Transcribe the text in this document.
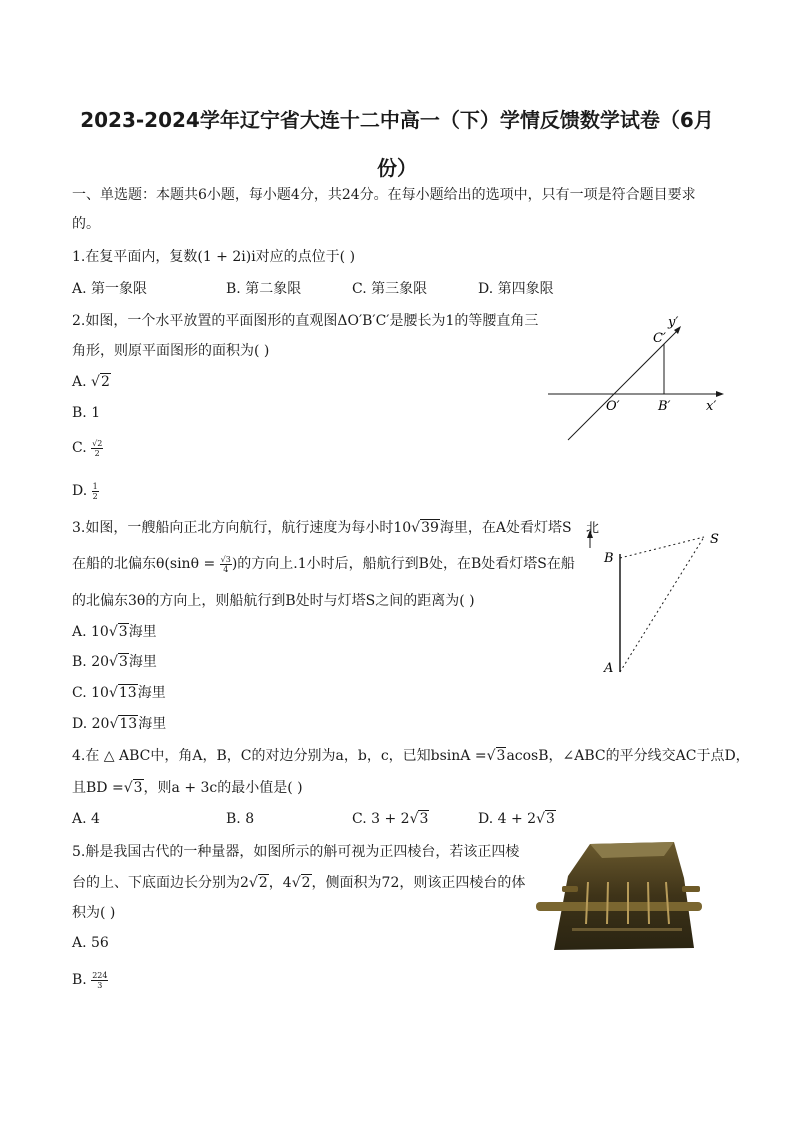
2023-2024学年辽宁省大连十二中高一（下）学情反馈数学试卷（6月
份）
一、单选题：本题共6小题，每小题4分，共24分。在每小题给出的选项中，只有一项是符合题目要求
的。
1.在复平面内，复数(1 + 2i)i对应的点位于( )
A. 第一象限	B. 第二象限	C. 第三象限	D. 第四象限
2.如图，一个水平放置的平面图形的直观图ΔO′B′C′是腰长为1的等腰直角三
角形，则原平面图形的面积为( )
A. √2
B. 1
C. $\frac{√2}{2}$
D. $\frac{1}{2}$
C′
y′
O′	B′	x′
3.如图，一艘船向正北方向航行，航行速度为每小时10√39海里，在A处看灯塔S
在船的北偏东$\theta(\sin\theta = \frac{√3}{4}$ )的方向上.1小时后，船航行到B处，在B处看灯塔S在船
的北偏东3θ的方向上，则船航行到B处时与灯塔S之间的距离为( )
A. 10√3海里
B. 20√3海里
C. 10√13海里
D. 20√13海里
北
B
S
A
4.在 △ ABC中，角A，B，C的对边分别为a，b，c，已知bsinA =√3acosB，∠ABC的平分线交AC于点D，
且BD =√3，则a + 3c的最小值是( )
A. 4	B. 8	C. 3 + 2√3	D. 4 + 2√3
5.斛是我国古代的一种量器，如图所示的斛可视为正四棱台，若该正四棱
台的上、下底面边长分别为2√2，4√2，侧面积为72，则该正四棱台的体
积为( )
A. 56
B. $\frac{224}{3}$
